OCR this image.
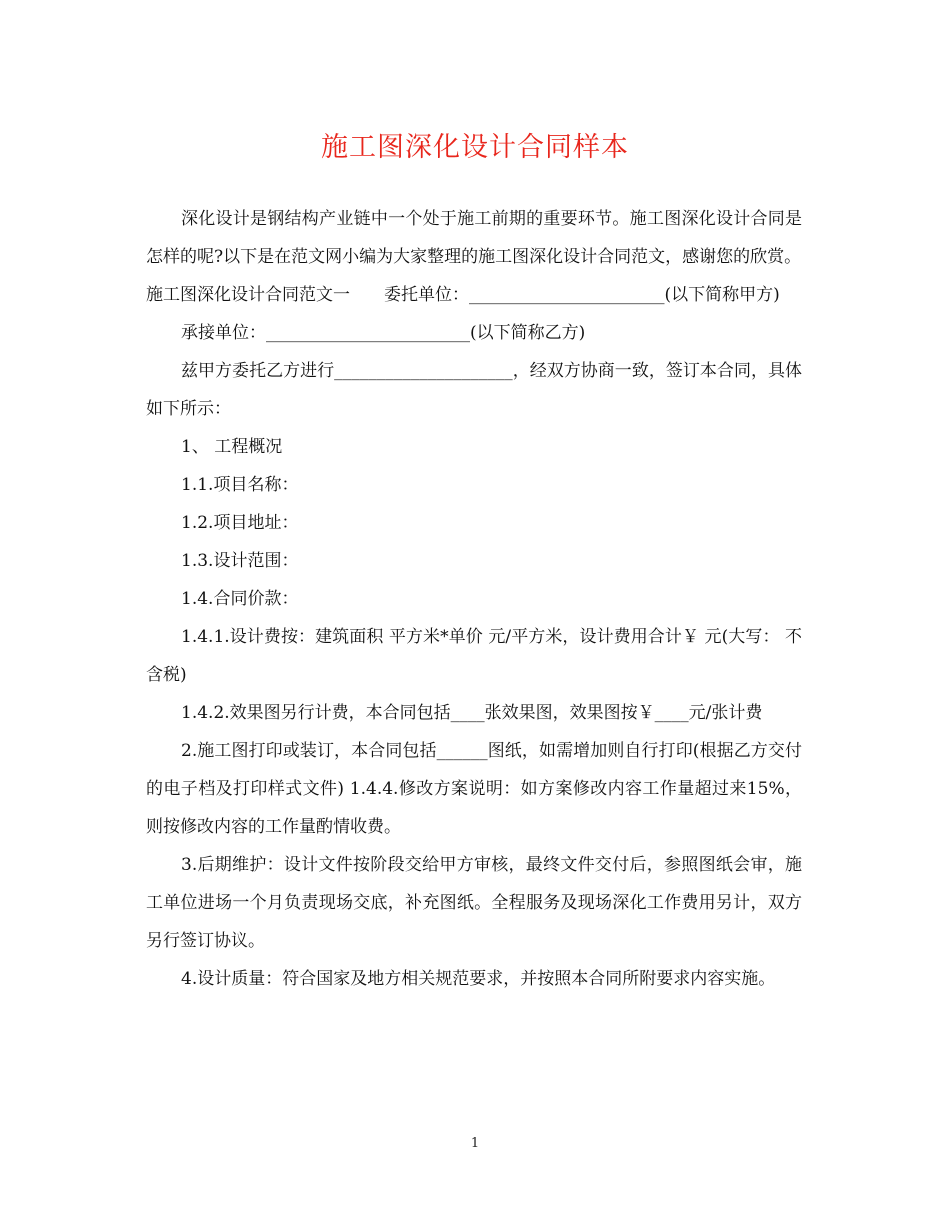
施工图深化设计合同样本

深化设计是钢结构产业链中一个处于施工前期的重要环节。施工图深化设计合同是怎样的呢?以下是在范文网小编为大家整理的施工图深化设计合同范文，感谢您的欣赏。

施工图深化设计合同范文一　　委托单位：_______________________(以下简称甲方)

承接单位：________________________(以下简称乙方)

兹甲方委托乙方进行_____________________，经双方协商一致，签订本合同，具体如下所示：

1、 工程概况

1.1.项目名称：

1.2.项目地址：

1.3.设计范围：

1.4.合同价款：

1.4.1.设计费按：建筑面积 平方米*单价 元/平方米，设计费用合计￥ 元(大写： 不含税)

1.4.2.效果图另行计费，本合同包括____张效果图，效果图按￥____元/张计费

2.施工图打印或装订，本合同包括______图纸，如需增加则自行打印(根据乙方交付的电子档及打印样式文件) 1.4.4.修改方案说明：如方案修改内容工作量超过来15%，则按修改内容的工作量酌情收费。

3.后期维护：设计文件按阶段交给甲方审核，最终文件交付后，参照图纸会审，施工单位进场一个月负责现场交底，补充图纸。全程服务及现场深化工作费用另计，双方另行签订协议。

4.设计质量：符合国家及地方相关规范要求，并按照本合同所附要求内容实施。

1
